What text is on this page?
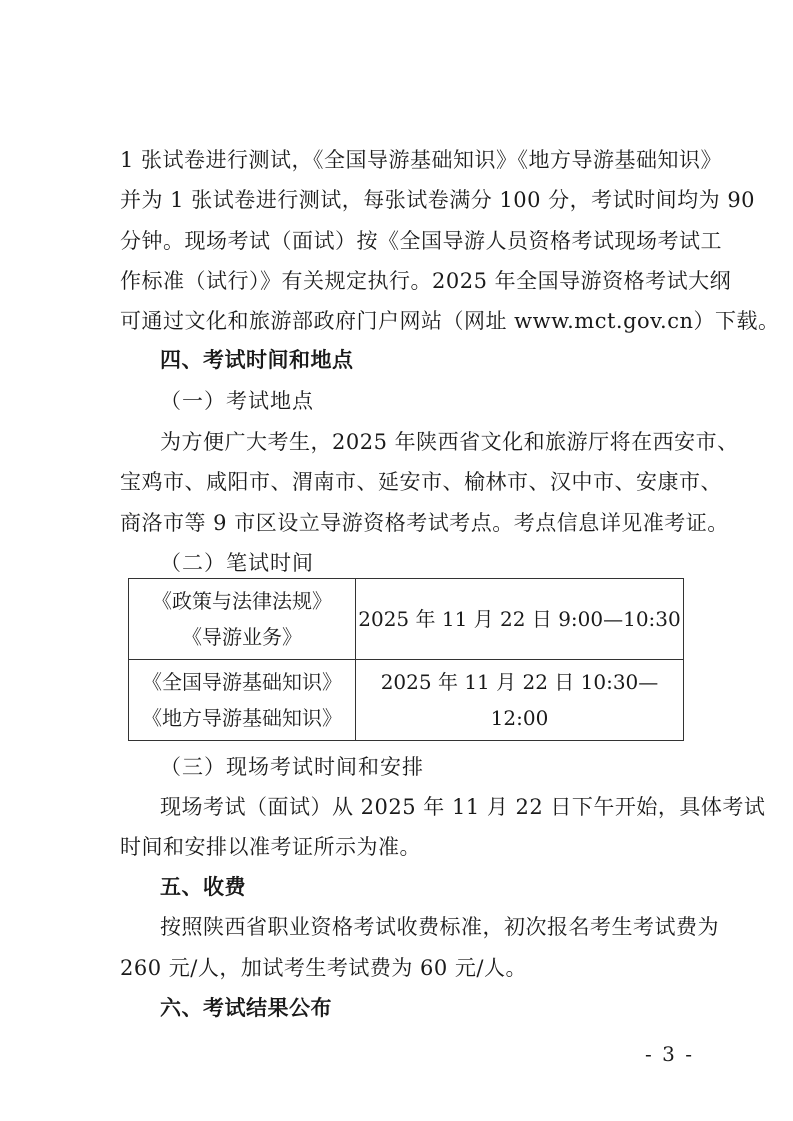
1 张试卷进行测试，《全国导游基础知识》《地方导游基础知识》
并为 1 张试卷进行测试，每张试卷满分 100 分，考试时间均为 90
分钟。现场考试（面试）按《全国导游人员资格考试现场考试工
作标准（试行）》有关规定执行。2025 年全国导游资格考试大纲
可通过文化和旅游部政府门户网站（网址 www.mct.gov.cn）下载。
四、考试时间和地点
（一）考试地点
为方便广大考生，2025 年陕西省文化和旅游厅将在西安市、
宝鸡市、咸阳市、渭南市、延安市、榆林市、汉中市、安康市、
商洛市等 9 市区设立导游资格考试考点。考点信息详见准考证。
（二）笔试时间
《政策与法律法规》
《导游业务》	2025 年 11 月 22 日 9:00—10:30

《全国导游基础知识》
《地方导游基础知识》	2025 年 11 月 22 日 10:30—12:00
（三）现场考试时间和安排
现场考试（面试）从 2025 年 11 月 22 日下午开始，具体考试
时间和安排以准考证所示为准。
五、收费
按照陕西省职业资格考试收费标准，初次报名考生考试费为
260 元/人，加试考生考试费为 60 元/人。
六、考试结果公布
- 3 -
